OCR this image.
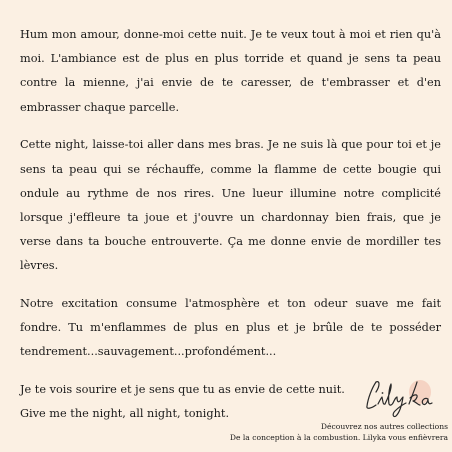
Hum mon amour, donne-moi cette nuit. Je te veux tout à moi et rien qu'à moi. L'ambiance est de plus en plus torride et quand je sens ta peau contre la mienne, j'ai envie de te caresser, de t'embrasser et d'en embrasser chaque parcelle.

Cette night, laisse-toi aller dans mes bras. Je ne suis là que pour toi et je sens ta peau qui se réchauffe, comme la flamme de cette bougie qui ondule au rythme de nos rires. Une lueur illumine notre complicité lorsque j'effleure ta joue et j'ouvre un chardonnay bien frais, que je verse dans ta bouche entrouverte. Ça me donne envie de mordiller tes lèvres.

Notre excitation consume l'atmosphère et ton odeur suave me fait fondre. Tu m'enflammes de plus en plus et je brûle de te posséder tendrement...sauvagement...profondément...

Je te vois sourire et je sens que tu as envie de cette nuit.
Give me the night, all night, tonight.

Découvrez nos autres collections
De la conception à la combustion. Lilyka vous enfièvrera
